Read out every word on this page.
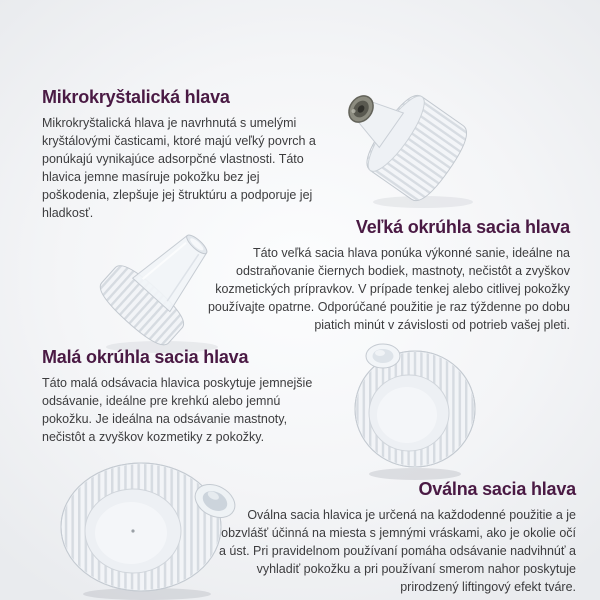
Mikrokryštalická hlava

Mikrokryštalická hlava je navrhnutá s umelými kryštálovými časticami, ktoré majú veľký povrch a ponúkajú vynikajúce adsorpčné vlastnosti. Táto hlavica jemne masíruje pokožku bez jej poškodenia, zlepšuje jej štruktúru a podporuje jej hladkosť.

Veľká okrúhla sacia hlava

Táto veľká sacia hlava ponúka výkonné sanie, ideálne na odstraňovanie čiernych bodiek, mastnoty, nečistôt a zvyškov kozmetických prípravkov. V prípade tenkej alebo citlivej pokožky používajte opatrne. Odporúčané použitie je raz týždenne po dobu piatich minút v závislosti od potrieb vašej pleti.

Malá okrúhla sacia hlava

Táto malá odsávacia hlavica poskytuje jemnejšie odsávanie, ideálne pre krehkú alebo jemnú pokožku. Je ideálna na odsávanie mastnoty, nečistôt a zvyškov kozmetiky z pokožky.

Oválna sacia hlava

Oválna sacia hlavica je určená na každodenné použitie a je obzvlášť účinná na miesta s jemnými vráskami, ako je okolie očí a úst. Pri pravidelnom používaní pomáha odsávanie nadvihnúť a vyhladiť pokožku a pri používaní smerom nahor poskytuje prirodzený liftingový efekt tváre.
